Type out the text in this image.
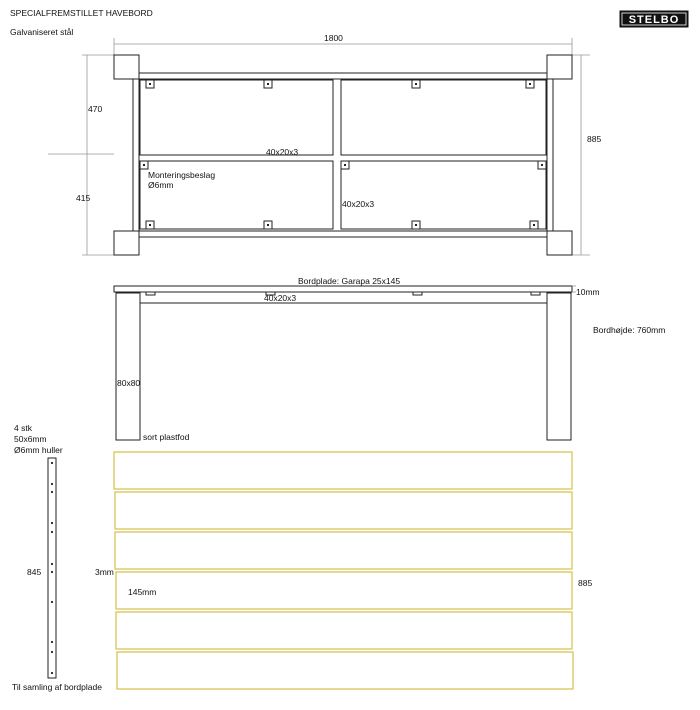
SPECIALFREMSTILLET HAVEBORD
Galvaniseret stål
STELBO
1800
470
415
885
40x20x3
40x20x3
Monteringsbeslag
Ø6mm
Bordplade: Garapa 25x145
10mm
40x20x3
Bordhøjde: 760mm
80x80
sort plastfod
4 stk
50x6mm
Ø6mm huller
845
Til samling af bordplade
3mm
145mm
885
